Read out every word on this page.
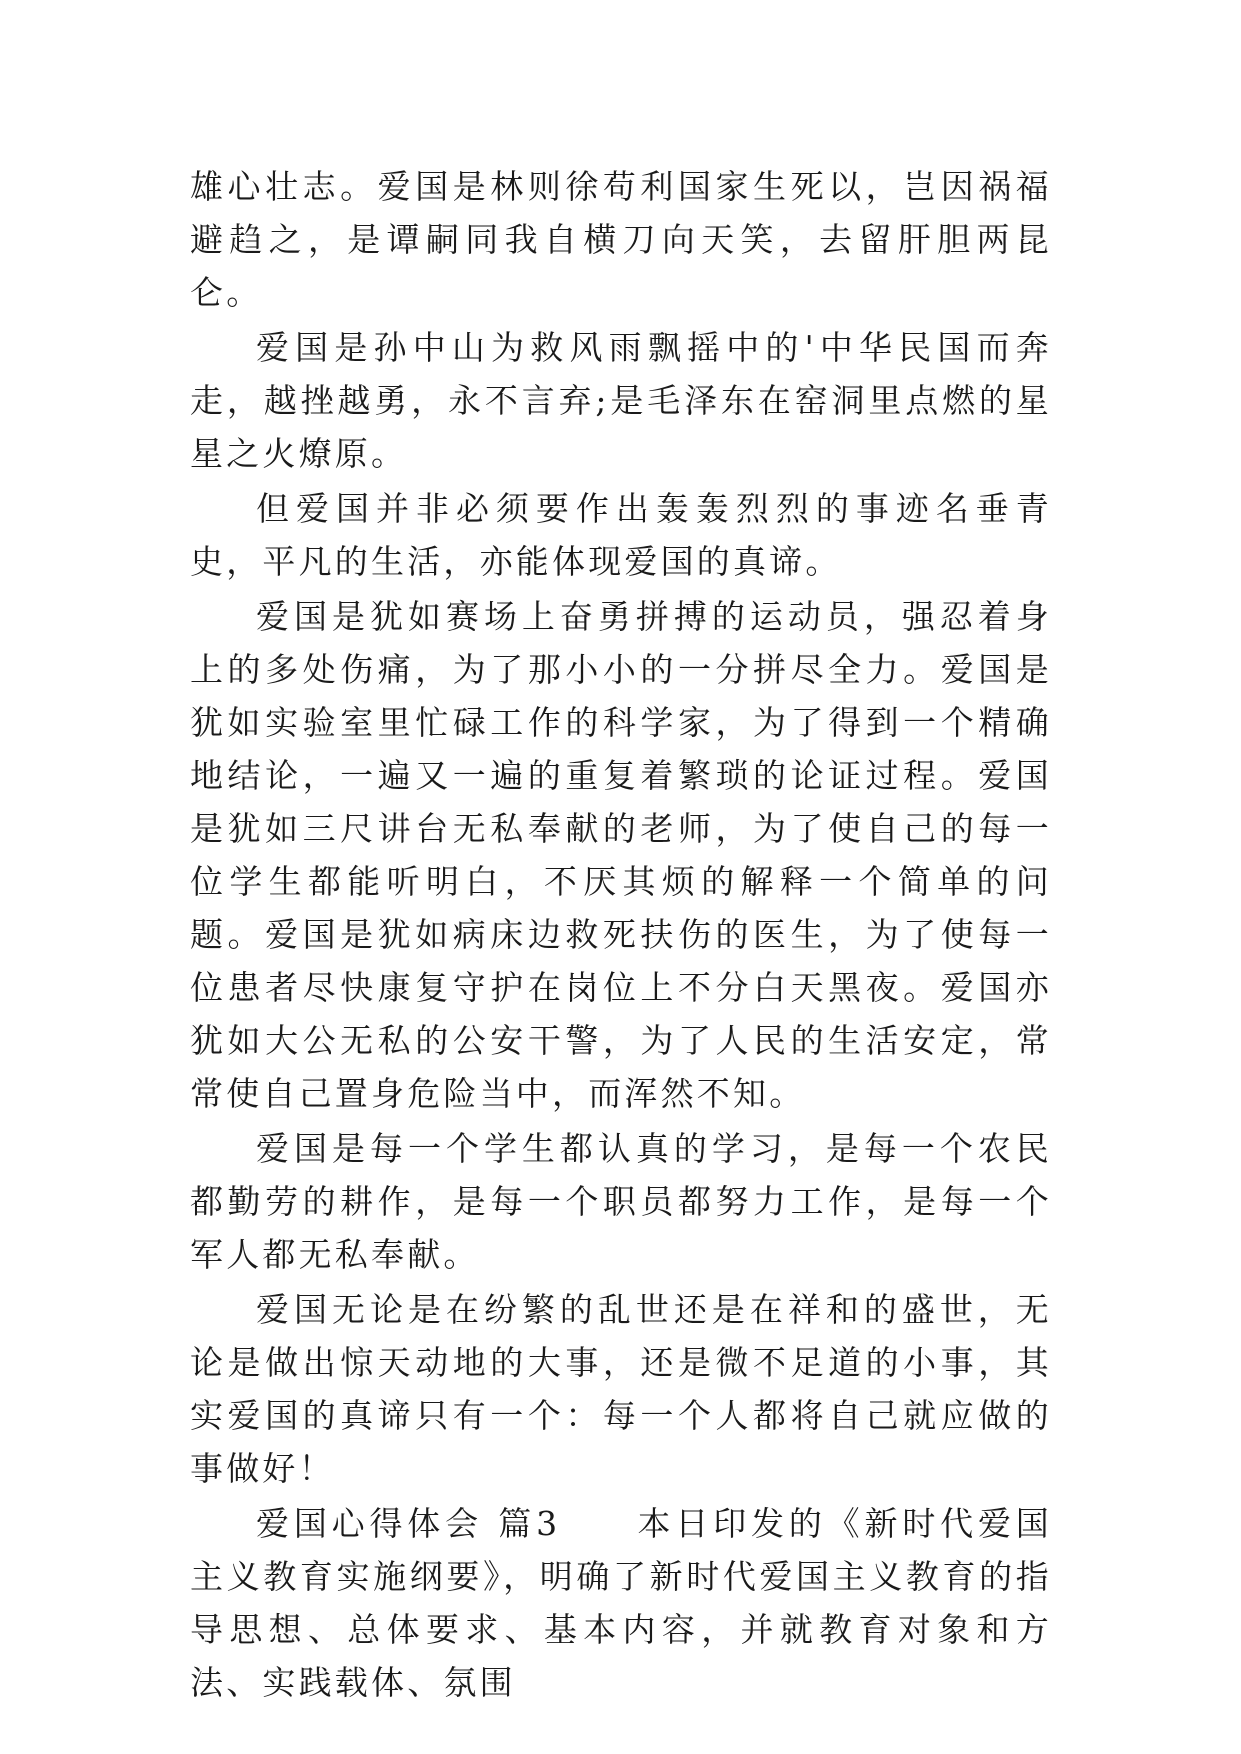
雄心壮志。爱国是林则徐苟利国家生死以，岂因祸福避趋之，是谭嗣同我自横刀向天笑，去留肝胆两昆仑。

爱国是孙中山为救风雨飘摇中的'中华民国而奔走，越挫越勇，永不言弃;是毛泽东在窑洞里点燃的星星之火燎原。

但爱国并非必须要作出轰轰烈烈的事迹名垂青史，平凡的生活，亦能体现爱国的真谛。

爱国是犹如赛场上奋勇拼搏的运动员，强忍着身上的多处伤痛，为了那小小的一分拼尽全力。爱国是犹如实验室里忙碌工作的科学家，为了得到一个精确地结论，一遍又一遍的重复着繁琐的论证过程。爱国是犹如三尺讲台无私奉献的老师，为了使自己的每一位学生都能听明白，不厌其烦的解释一个简单的问题。爱国是犹如病床边救死扶伤的医生，为了使每一位患者尽快康复守护在岗位上不分白天黑夜。爱国亦犹如大公无私的公安干警，为了人民的生活安定，常常使自己置身危险当中，而浑然不知。

爱国是每一个学生都认真的学习，是每一个农民都勤劳的耕作，是每一个职员都努力工作，是每一个军人都无私奉献。

爱国无论是在纷繁的乱世还是在祥和的盛世，无论是做出惊天动地的大事，还是微不足道的小事，其实爱国的真谛只有一个：每一个人都将自己就应做的事做好！

爱国心得体会 篇3　　本日印发的《新时代爱国主义教育实施纲要》，明确了新时代爱国主义教育的指导思想、总体要求、基本内容，并就教育对象和方法、实践载体、氛围
